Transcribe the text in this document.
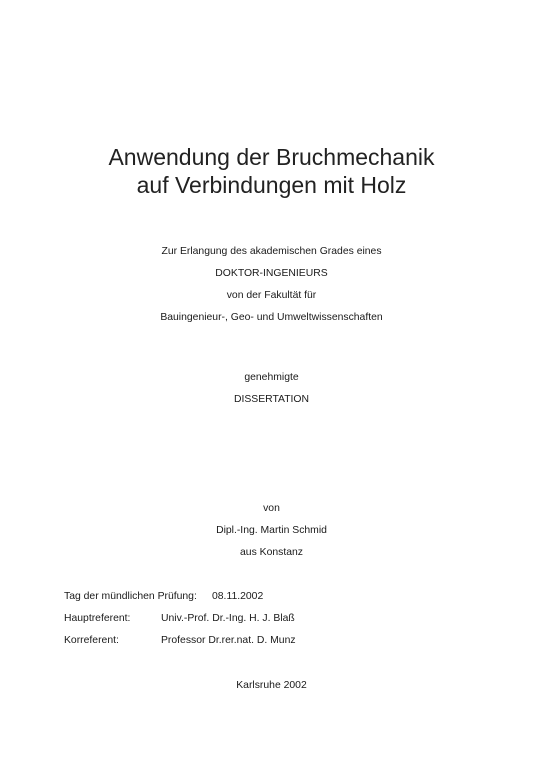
Anwendung der Bruchmechanik
auf Verbindungen mit Holz
Zur Erlangung des akademischen Grades eines
DOKTOR-INGENIEURS
von der Fakultät für
Bauingenieur-, Geo- und Umweltwissenschaften
genehmigte
DISSERTATION
von
Dipl.-Ing. Martin Schmid
aus Konstanz
Tag der mündlichen Prüfung: 08.11.2002
Hauptreferent:	Univ.-Prof. Dr.-Ing. H. J. Blaß
Korreferent:	Professor Dr.rer.nat. D. Munz
Karlsruhe 2002
